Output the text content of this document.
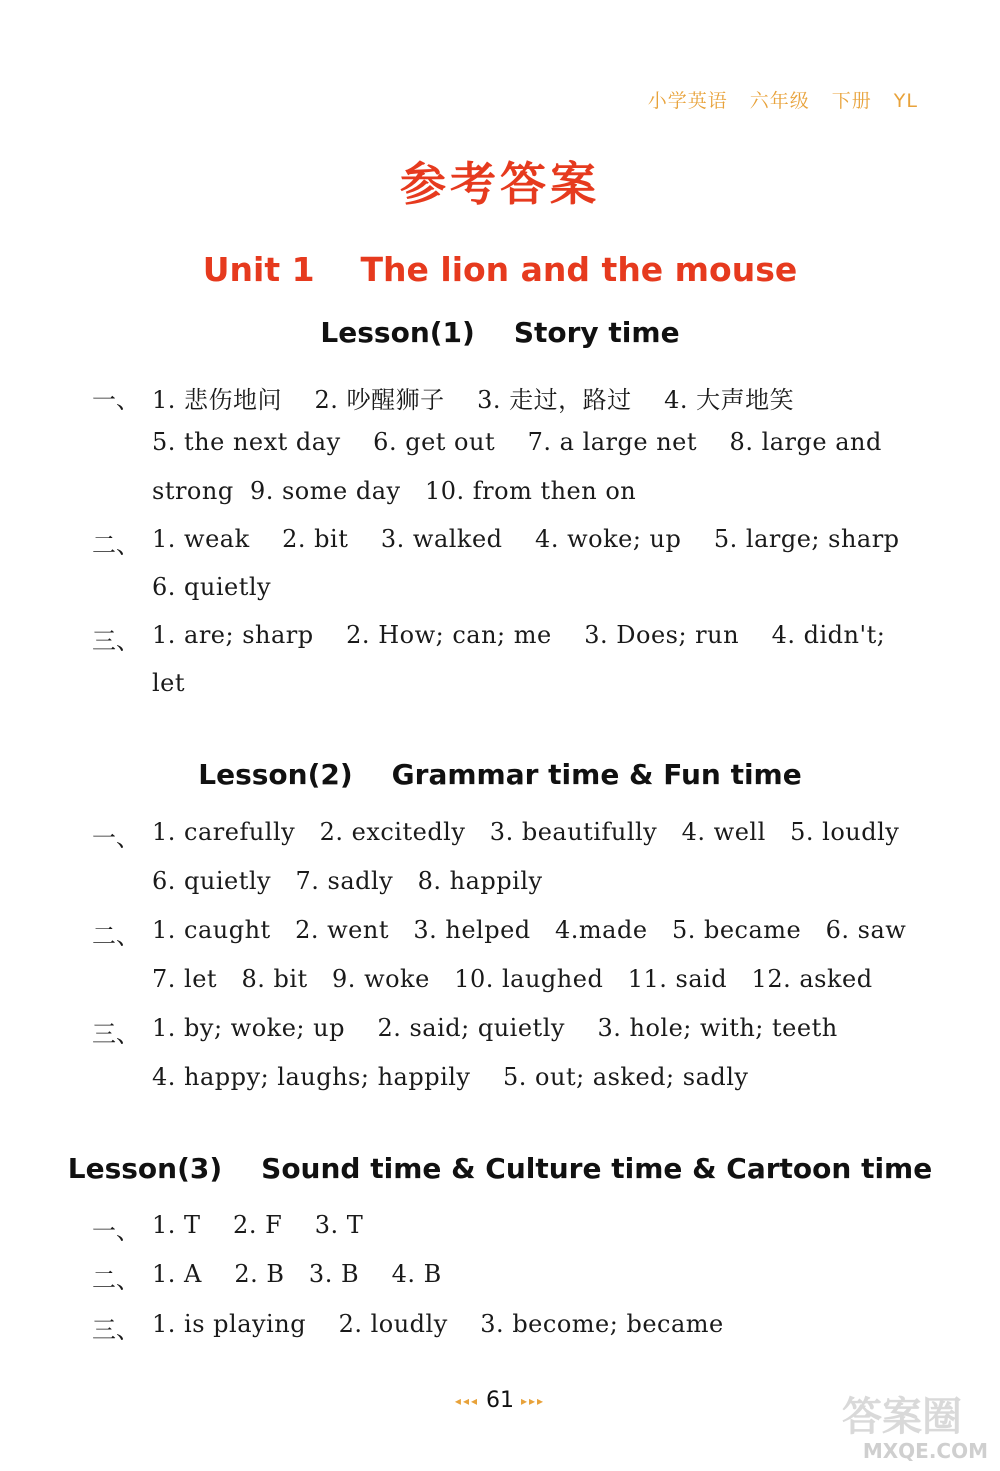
小学英语 六年级 下册 YL
参考答案
Unit 1    The lion and the mouse
Lesson(1)    Story time
一、 1. 悲伤地问    2. 吵醒狮子    3. 走过，路过    4. 大声地笑
5. the next day    6. get out    7. a large net    8. large and
strong  9. some day   10. from then on
二、 1. weak    2. bit    3. walked    4. woke; up    5. large; sharp
6. quietly
三、 1. are; sharp    2. How; can; me    3. Does; run    4. didn't;
let
Lesson(2)    Grammar time & Fun time
一、 1. carefully   2. excitedly   3. beautifully   4. well   5. loudly
6. quietly   7. sadly   8. happily
二、 1. caught   2. went   3. helped   4.made   5. became   6. saw
7. let   8. bit   9. woke   10. laughed   11. said   12. asked
三、 1. by; woke; up    2. said; quietly    3. hole; with; teeth
4. happy; laughs; happily    5. out; asked; sadly
Lesson(3)    Sound time & Culture time & Cartoon time
一、 1. T    2. F    3. T
二、 1. A    2. B   3. B    4. B
三、 1. is playing    2. loudly    3. become; became
◂◂◂ 61 ▸▸▸	答案圈
MXQE.COM
